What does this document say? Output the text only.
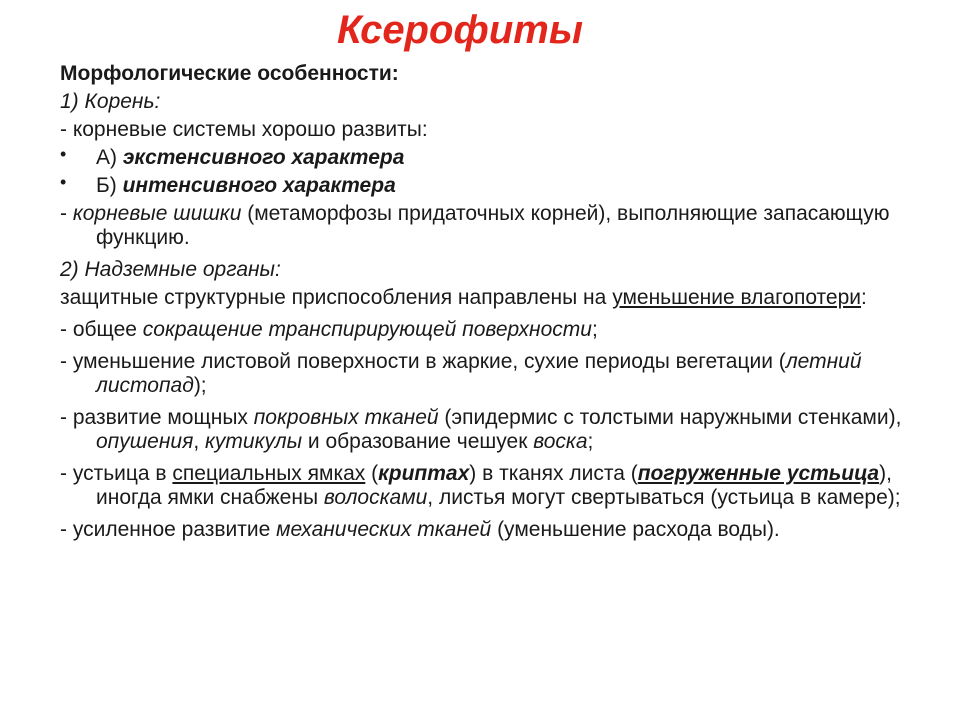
Ксерофиты

Морфологические особенности:

1) Корень:

- корневые системы хорошо развиты:

• А) экстенсивного характера

• Б) интенсивного характера

- корневые шишки (метаморфозы придаточных корней), выполняющие запасающую функцию.

2) Надземные органы:

защитные структурные приспособления направлены на уменьшение влагопотери:

- общее сокращение транспирирующей поверхности;

- уменьшение листовой поверхности в жаркие, сухие периоды вегетации (летний листопад);

- развитие мощных покровных тканей (эпидермис с толстыми наружными стенками), опушения, кутикулы и образование чешуек воска;

- устьица в специальных ямках (криптах) в тканях листа (погруженные устьица), иногда ямки снабжены волосками, листья могут свертываться (устьица в камере);

- усиленное развитие механических тканей (уменьшение расхода воды).
